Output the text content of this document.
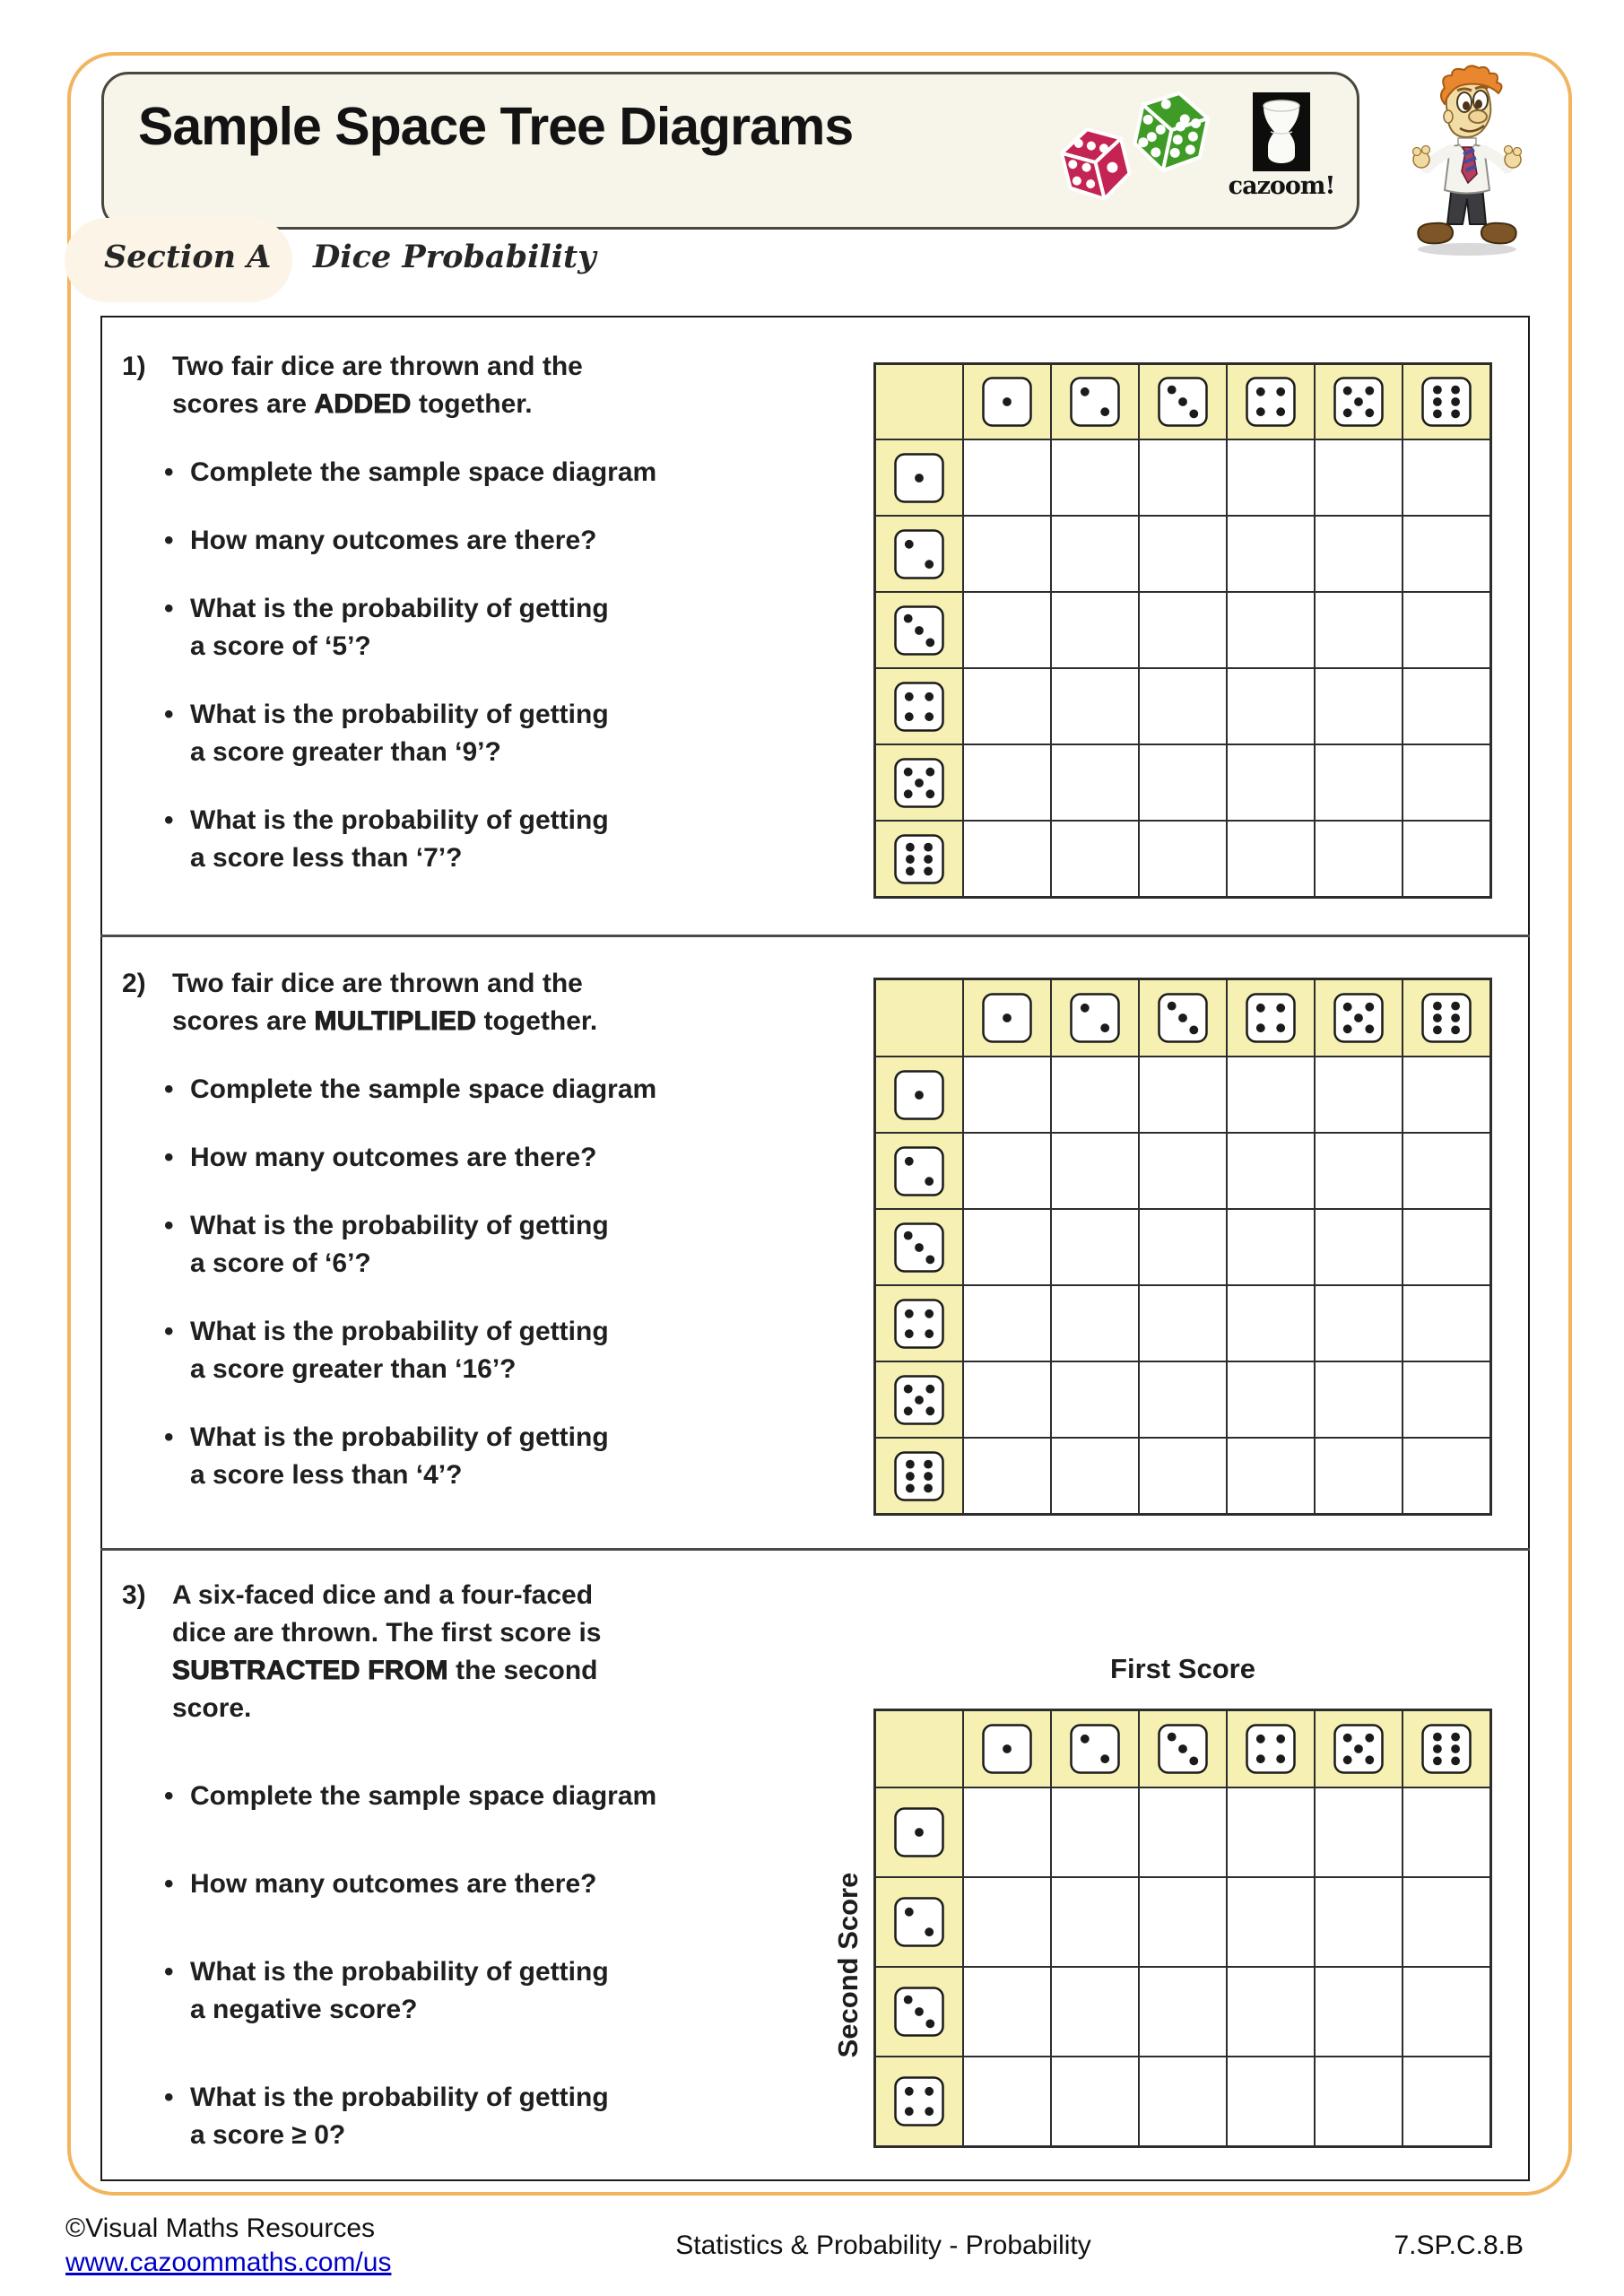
Sample Space Tree Diagrams
cazoom!
Section A Dice Probability
1) Two fair dice are thrown and the
scores are ADDED together.
• Complete the sample space diagram
• How many outcomes are there?
• What is the probability of getting
a score of ‘5’?
• What is the probability of getting
a score greater than ‘9’?
• What is the probability of getting
a score less than ‘7’?
2) Two fair dice are thrown and the
scores are MULTIPLIED together.
• Complete the sample space diagram
• How many outcomes are there?
• What is the probability of getting
a score of ‘6’?
• What is the probability of getting
a score greater than ‘16’?
• What is the probability of getting
a score less than ‘4’?
3) A six-faced dice and a four-faced
dice are thrown. The first score is
SUBTRACTED FROM the second
score.
• Complete the sample space diagram
• How many outcomes are there?
• What is the probability of getting
a negative score?
• What is the probability of getting
a score ≥ 0?
First Score
Second Score
©Visual Maths Resources
www.cazoommaths.com/us
Statistics & Probability - Probability	7.SP.C.8.B
